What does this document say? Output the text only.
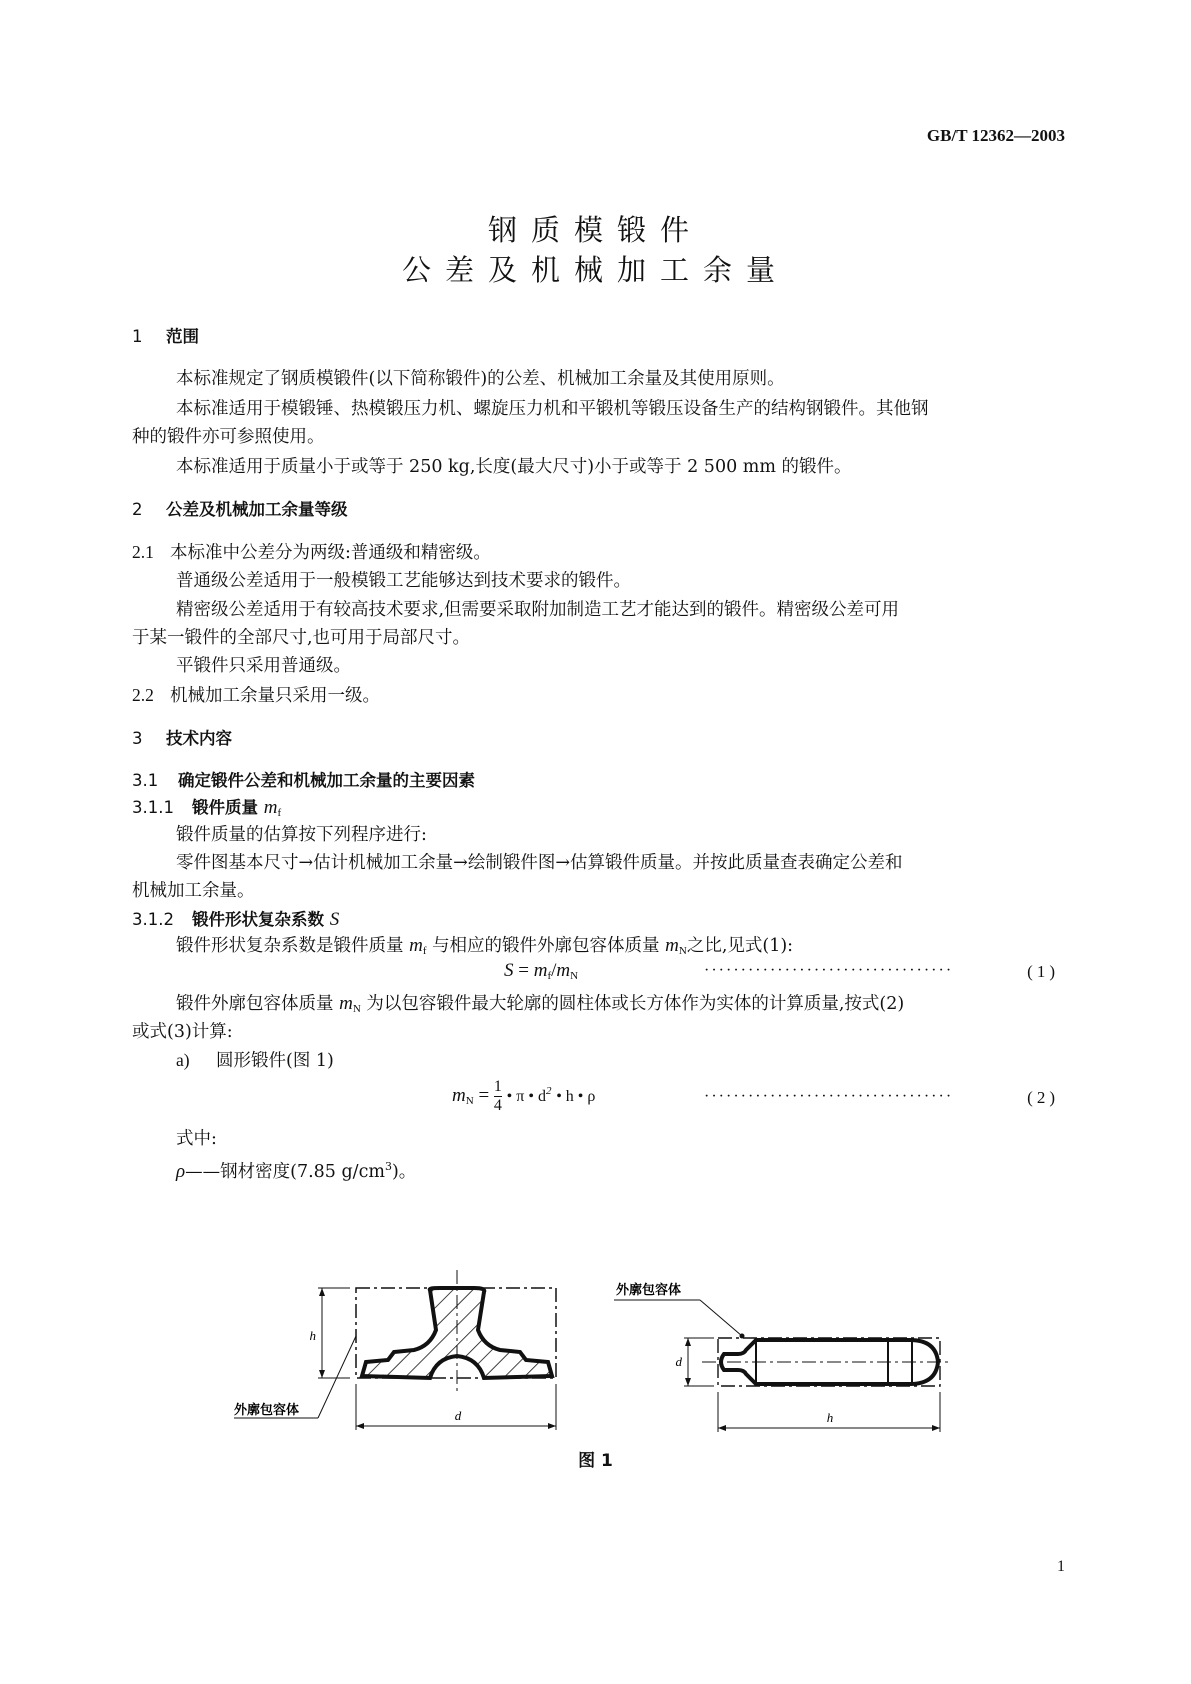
GB/T 12362—2003
钢质模锻件
公差及机械加工余量
1 范围
本标准规定了钢质模锻件(以下简称锻件)的公差、机械加工余量及其使用原则。
本标准适用于模锻锤、热模锻压力机、螺旋压力机和平锻机等锻压设备生产的结构钢锻件。其他钢
种的锻件亦可参照使用。
本标准适用于质量小于或等于 250 kg,长度(最大尺寸)小于或等于 2 500 mm 的锻件。
2 公差及机械加工余量等级
2.1 本标准中公差分为两级:普通级和精密级。
普通级公差适用于一般模锻工艺能够达到技术要求的锻件。
精密级公差适用于有较高技术要求,但需要采取附加制造工艺才能达到的锻件。精密级公差可用
于某一锻件的全部尺寸,也可用于局部尺寸。
平锻件只采用普通级。
2.2 机械加工余量只采用一级。
3 技术内容
3.1 确定锻件公差和机械加工余量的主要因素
3.1.1 锻件质量 $m_f$
锻件质量的估算按下列程序进行:
零件图基本尺寸→估计机械加工余量→绘制锻件图→估算锻件质量。并按此质量查表确定公差和
机械加工余量。
3.1.2 锻件形状复杂系数 S
锻件形状复杂系数是锻件质量 $m_f$ 与相应的锻件外廓包容体质量 $m_N$之比,见式(1):
$S = m_f/m_N$	··································	(1)
锻件外廓包容体质量 $m_N$ 为以包容锻件最大轮廓的圆柱体或长方体作为实体的计算质量,按式(2)
或式(3)计算:
a) 圆形锻件(图 1)
$m_N = \frac{1}{4}$ • π • $d^2$ • h • ρ	··································	(2)
式中:
ρ——钢材密度(7.85 $g/cm^3$)。
h
d
外廓包容体
d
h
外廓包容体
图 1
1
